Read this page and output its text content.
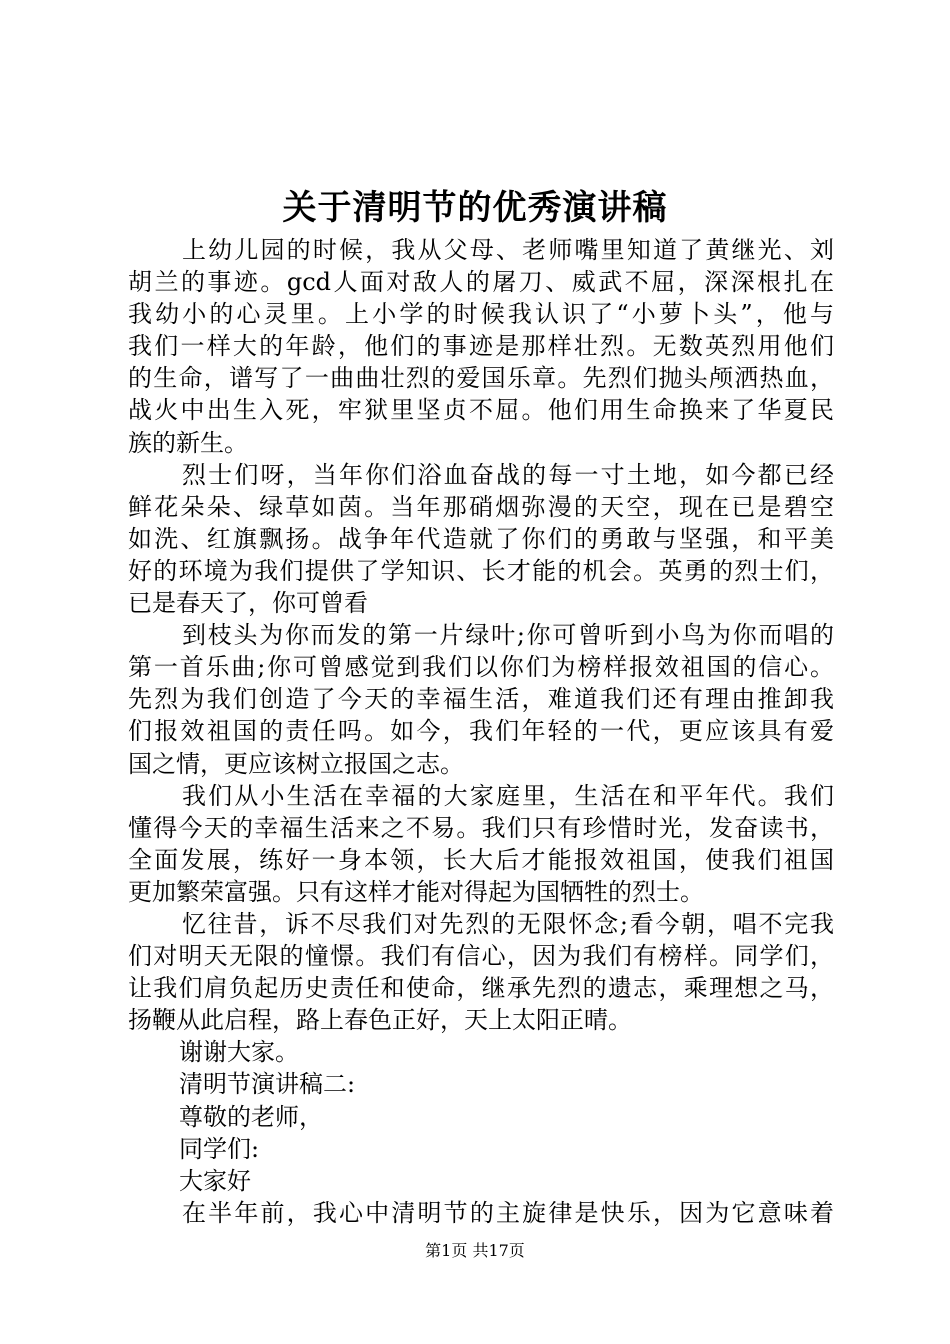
关于清明节的优秀演讲稿
上幼儿园的时候，我从父母、老师嘴里知道了黄继光、刘
胡兰的事迹。gcd人面对敌人的屠刀、威武不屈，深深根扎在
我幼小的心灵里。上小学的时候我认识了“小萝卜头”，他与
我们一样大的年龄，他们的事迹是那样壮烈。无数英烈用他们
的生命，谱写了一曲曲壮烈的爱国乐章。先烈们抛头颅洒热血，
战火中出生入死，牢狱里坚贞不屈。他们用生命换来了华夏民
族的新生。
烈士们呀，当年你们浴血奋战的每一寸土地，如今都已经
鲜花朵朵、绿草如茵。当年那硝烟弥漫的天空，现在已是碧空
如洗、红旗飘扬。战争年代造就了你们的勇敢与坚强，和平美
好的环境为我们提供了学知识、长才能的机会。英勇的烈士们，
已是春天了，你可曾看
到枝头为你而发的第一片绿叶;你可曾听到小鸟为你而唱的
第一首乐曲;你可曾感觉到我们以你们为榜样报效祖国的信心。
先烈为我们创造了今天的幸福生活，难道我们还有理由推卸我
们报效祖国的责任吗。如今，我们年轻的一代，更应该具有爱
国之情，更应该树立报国之志。
我们从小生活在幸福的大家庭里，生活在和平年代。我们
懂得今天的幸福生活来之不易。我们只有珍惜时光，发奋读书，
全面发展，练好一身本领，长大后才能报效祖国，使我们祖国
更加繁荣富强。只有这样才能对得起为国牺牲的烈士。
忆往昔，诉不尽我们对先烈的无限怀念;看今朝，唱不完我
们对明天无限的憧憬。我们有信心，因为我们有榜样。同学们，
让我们肩负起历史责任和使命，继承先烈的遗志，乘理想之马，
扬鞭从此启程，路上春色正好，天上太阳正晴。
谢谢大家。
清明节演讲稿二:
尊敬的老师，
同学们:
大家好
在半年前，我心中清明节的主旋律是快乐，因为它意味着
第1页 共17页
